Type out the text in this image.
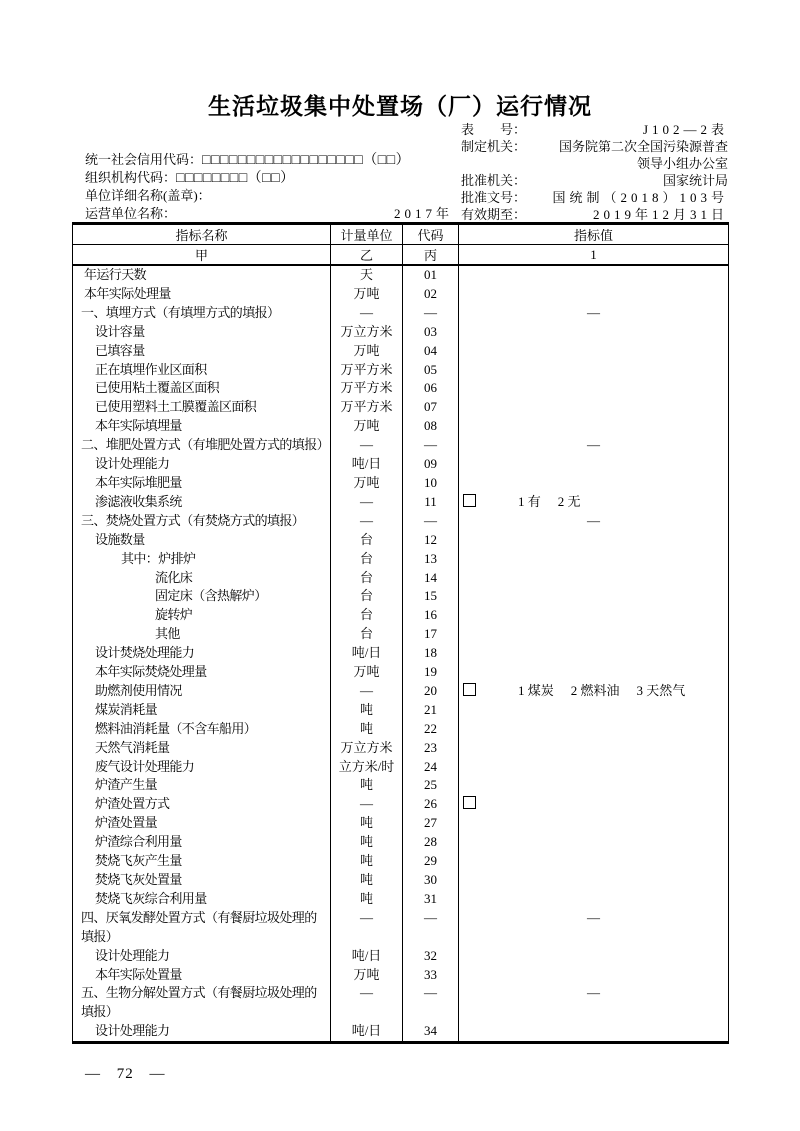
生活垃圾集中处置场（厂）运行情况
统一社会信用代码：□□□□□□□□□□□□□□□□□□（□□）
组织机构代码：□□□□□□□□（□□）
单位详细名称(盖章)：
运营单位名称：	2017年
表　　号：	J102—2表
制定机关：	国务院第二次全国污染源普查
领导小组办公室
批准机关：	国家统计局
批准文号： 国统制（2018）103号
有效期至：	2019年12月31日
指标名称	计量单位	代码	指标值
甲	乙	丙	1

年运行天数	天	01	

本年实际处理量	万吨	02	

一、填埋方式（有填埋方式的填报）	—	—	—

设计容量	万立方米	03	

已填容量	万吨	04	

正在填埋作业区面积	万平方米	05	

已使用粘土覆盖区面积	万平方米	06	

已使用塑料土工膜覆盖区面积	万平方米	07	

本年实际填埋量	万吨	08	

二、堆肥处置方式（有堆肥处置方式的填报）	—	—	—

设计处理能力	吨/日	09	

本年实际堆肥量	万吨	10	

渗滤液收集系统	—	11	1 有 2 无

三、焚烧处置方式（有焚烧方式的填报）	—	—	—

设施数量	台	12	

其中：炉排炉	台	13	

流化床	台	14	

固定床（含热解炉）	台	15	

旋转炉	台	16	

其他	台	17	

设计焚烧处理能力	吨/日	18	

本年实际焚烧处理量	万吨	19	

助燃剂使用情况	—	20	1 煤炭 2 燃料油 3 天然气

煤炭消耗量	吨	21	

燃料油消耗量（不含车船用）	吨	22	

天然气消耗量	万立方米	23	

废气设计处理能力	立方米/时	24	

炉渣产生量	吨	25	

炉渣处置方式	—	26	

炉渣处置量	吨	27	

炉渣综合利用量	吨	28	

焚烧飞灰产生量	吨	29	

焚烧飞灰处置量	吨	30	

焚烧飞灰综合利用量	吨	31	

四、厌氧发酵处置方式（有餐厨垃圾处理的
填报）	—	—	—

设计处理能力	吨/日	32	

本年实际处置量	万吨	33	

五、生物分解处置方式（有餐厨垃圾处理的
填报）	—	—	—

设计处理能力	吨/日	34	
— 72 —
